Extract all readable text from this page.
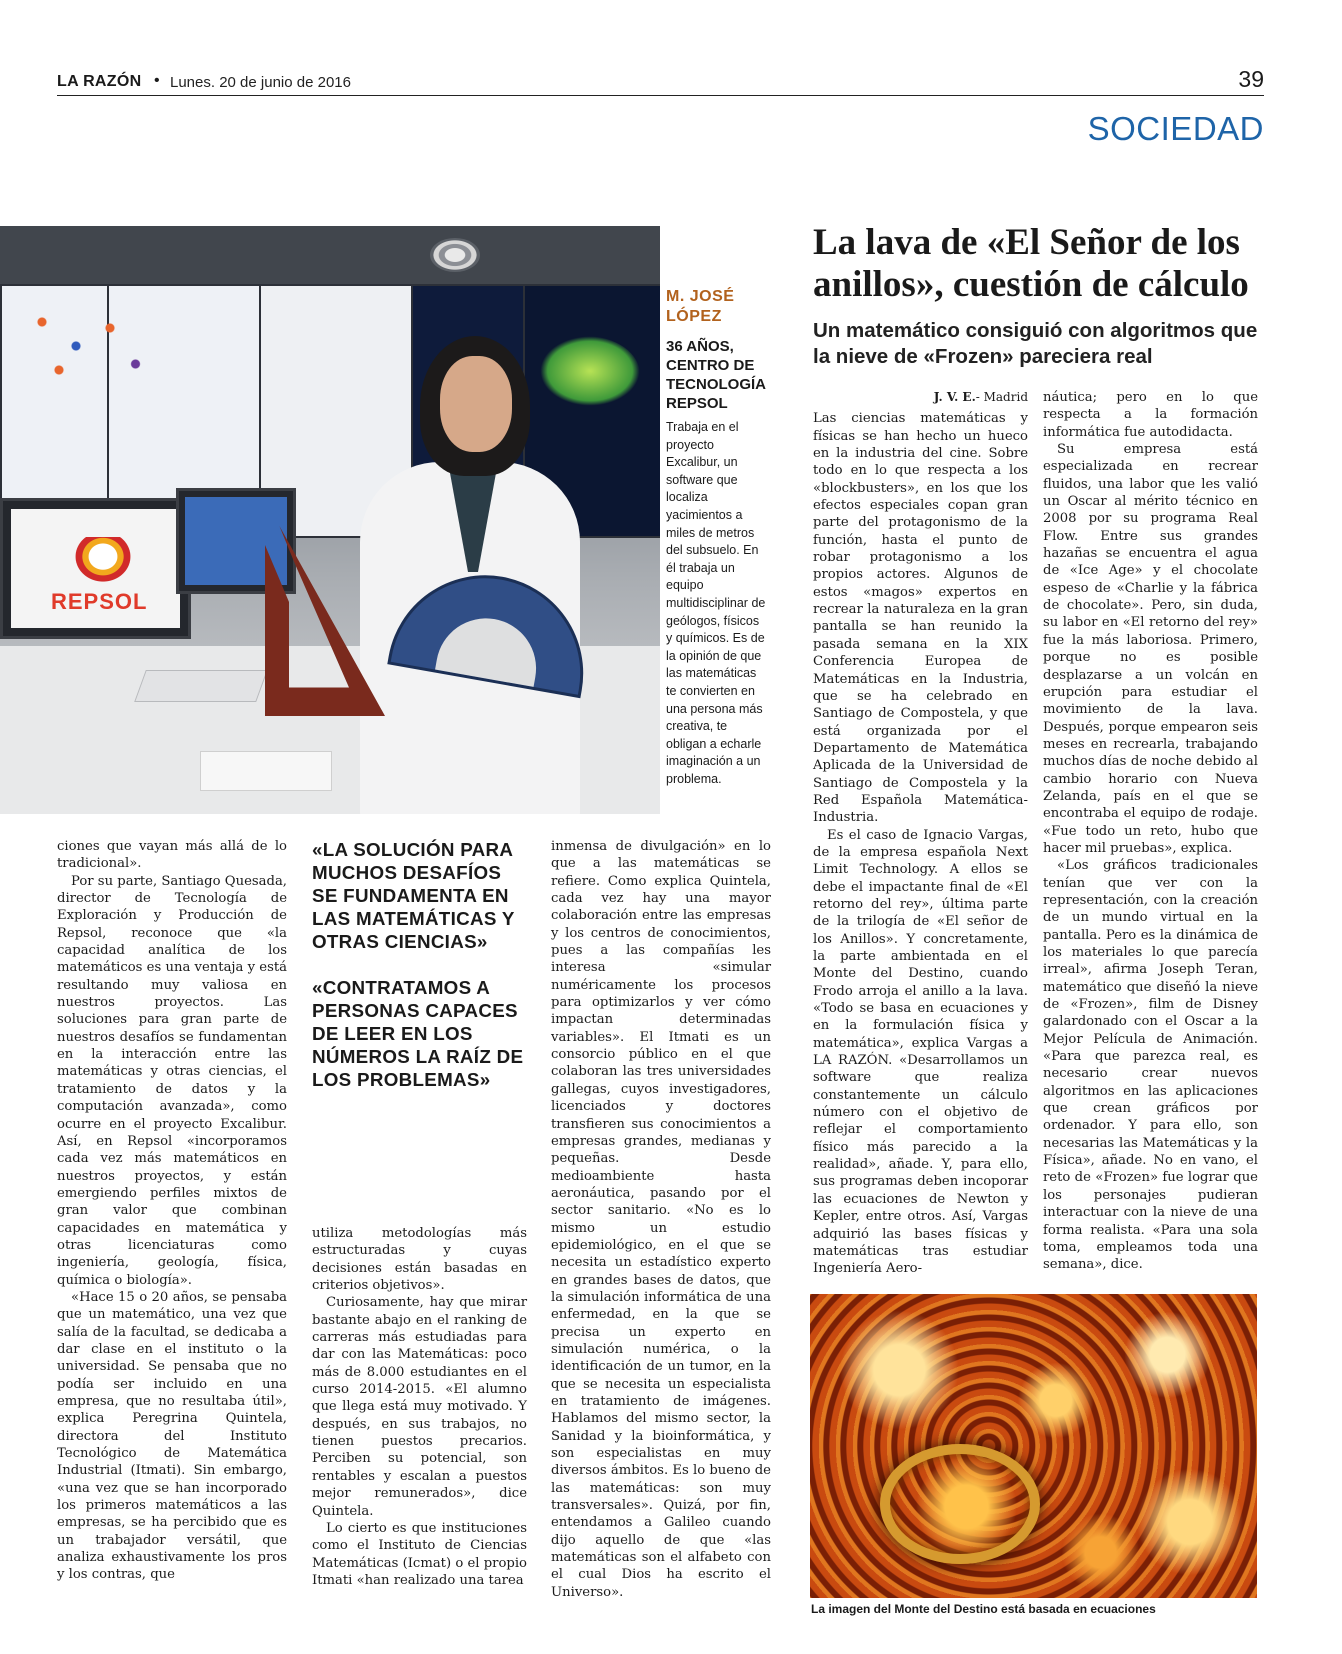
LA RAZÓN • Lunes. 20 de junio de 2016	39
SOCIEDAD
REPSOL

M. JOSÉ LÓPEZ

36 AÑOS, CENTRO DE TECNOLOGÍA REPSOL

Trabaja en el proyecto Excalibur, un software que localiza yacimientos a miles de metros del subsuelo. En él trabaja un equipo multidisciplinar de geólogos, físicos y químicos. Es de la opinión de que las matemáticas te convierten en una persona más creativa, te obligan a echarle imaginación a un problema.

La lava de «El Señor de los anillos», cuestión de cálculo
Un matemático consiguió con algoritmos que la nieve de «Frozen» pareciera real

ciones que vayan más allá de lo tradicional».

Por su parte, Santiago Quesada, director de Tecnología de Exploración y Producción de Repsol, reconoce que «la capacidad analítica de los matemáticos es una ventaja y está resultando muy valiosa en nuestros proyectos. Las soluciones para gran parte de nuestros desafíos se fundamentan en la interacción entre las matemáticas y otras ciencias, el tratamiento de datos y la computación avanzada», como ocurre en el proyecto Excalibur. Así, en Repsol «incorporamos cada vez más matemáticos en nuestros proyectos, y están emergiendo perfiles mixtos de gran valor que combinan capacidades en matemática y otras licenciaturas como ingeniería, geología, física, química o biología».

«Hace 15 o 20 años, se pensaba que un matemático, una vez que salía de la facultad, se dedicaba a dar clase en el instituto o la universidad. Se pensaba que no podía ser incluido en una empresa, que no resultaba útil», explica Peregrina Quintela, directora del Instituto Tecnológico de Matemática Industrial (Itmati). Sin embargo, «una vez que se han incorporado los primeros matemáticos a las empresas, se ha percibido que es un trabajador versátil, que analiza exhaustivamente los pros y los contras, que

«LA SOLUCIÓN PARA MUCHOS DESAFÍOS SE FUNDAMENTA EN LAS MATEMÁTICAS Y OTRAS CIENCIAS»

«CONTRATAMOS A PERSONAS CAPACES DE LEER EN LOS NÚMEROS LA RAÍZ DE LOS PROBLEMAS»

utiliza metodologías más estructuradas y cuyas decisiones están basadas en criterios objetivos».

Curiosamente, hay que mirar bastante abajo en el ranking de carreras más estudiadas para dar con las Matemáticas: poco más de 8.000 estudiantes en el curso 2014-2015. «El alumno que llega está muy motivado. Y después, en sus trabajos, no tienen puestos precarios. Perciben su potencial, son rentables y escalan a puestos mejor remunerados», dice Quintela.

Lo cierto es que instituciones como el Instituto de Ciencias Matemáticas (Icmat) o el propio Itmati «han realizado una tarea

inmensa de divulgación» en lo que a las matemáticas se refiere. Como explica Quintela, cada vez hay una mayor colaboración entre las empresas y los centros de conocimientos, pues a las compañías les interesa «simular numéricamente los procesos para optimizarlos y ver cómo impactan determinadas variables». El Itmati es un consorcio público en el que colaboran las tres universidades gallegas, cuyos investigadores, licenciados y doctores transfieren sus conocimientos a empresas grandes, medianas y pequeñas. Desde medioambiente hasta aeronáutica, pasando por el sector sanitario. «No es lo mismo un estudio epidemiológico, en el que se necesita un estadístico experto en grandes bases de datos, que la simulación informática de una enfermedad, en la que se precisa un experto en simulación numérica, o la identificación de un tumor, en la que se necesita un especialista en tratamiento de imágenes. Hablamos del mismo sector, la Sanidad y la bioinformática, y son especialistas en muy diversos ámbitos. Es lo bueno de las matemáticas: son muy transversales». Quizá, por fin, entendamos a Galileo cuando dijo aquello de que «las matemáticas son el alfabeto con el cual Dios ha escrito el Universo».

J. V. E.- Madrid

Las ciencias matemáticas y físicas se han hecho un hueco en la industria del cine. Sobre todo en lo que respecta a los «blockbusters», en los que los efectos especiales copan gran parte del protagonismo de la función, hasta el punto de robar protagonismo a los propios actores. Algunos de estos «magos» expertos en recrear la naturaleza en la gran pantalla se han reunido la pasada semana en la XIX Conferencia Europea de Matemáticas en la Industria, que se ha celebrado en Santiago de Compostela, y que está organizada por el Departamento de Matemática Aplicada de la Universidad de Santiago de Compostela y la Red Española Matemática-Industria.

Es el caso de Ignacio Vargas, de la empresa española Next Limit Technology. A ellos se debe el impactante final de «El retorno del rey», última parte de la trilogía de «El señor de los Anillos». Y concretamente, la parte ambientada en el Monte del Destino, cuando Frodo arroja el anillo a la lava. «Todo se basa en ecuaciones y en la formulación física y matemática», explica Vargas a LA RAZÓN. «Desarrollamos un software que realiza constantemente un cálculo número con el objetivo de reflejar el comportamiento físico más parecido a la realidad», añade. Y, para ello, sus programas deben incoporar las ecuaciones de Newton y Kepler, entre otros. Así, Vargas adquirió las bases físicas y matemáticas tras estudiar Ingeniería Aero-

náutica; pero en lo que respecta a la formación informática fue autodidacta.

Su empresa está especializada en recrear fluidos, una labor que les valió un Oscar al mérito técnico en 2008 por su programa Real Flow. Entre sus grandes hazañas se encuentra el agua de «Ice Age» y el chocolate espeso de «Charlie y la fábrica de chocolate». Pero, sin duda, su labor en «El retorno del rey» fue la más laboriosa. Primero, porque no es posible desplazarse a un volcán en erupción para estudiar el movimiento de la lava. Después, porque empearon seis meses en recrearla, trabajando muchos días de noche debido al cambio horario con Nueva Zelanda, país en el que se encontraba el equipo de rodaje. «Fue todo un reto, hubo que hacer mil pruebas», explica.

«Los gráficos tradicionales tenían que ver con la representación, con la creación de un mundo virtual en la pantalla. Pero es la dinámica de los materiales lo que parecía irreal», afirma Joseph Teran, matemático que diseñó la nieve de «Frozen», film de Disney galardonado con el Oscar a la Mejor Película de Animación. «Para que parezca real, es necesario crear nuevos algoritmos en las aplicaciones que crean gráficos por ordenador. Y para ello, son necesarias las Matemáticas y la Física», añade. No en vano, el reto de «Frozen» fue lograr que los personajes pudieran interactuar con la nieve de una forma realista. «Para una sola toma, empleamos toda una semana», dice.

La imagen del Monte del Destino está basada en ecuaciones
